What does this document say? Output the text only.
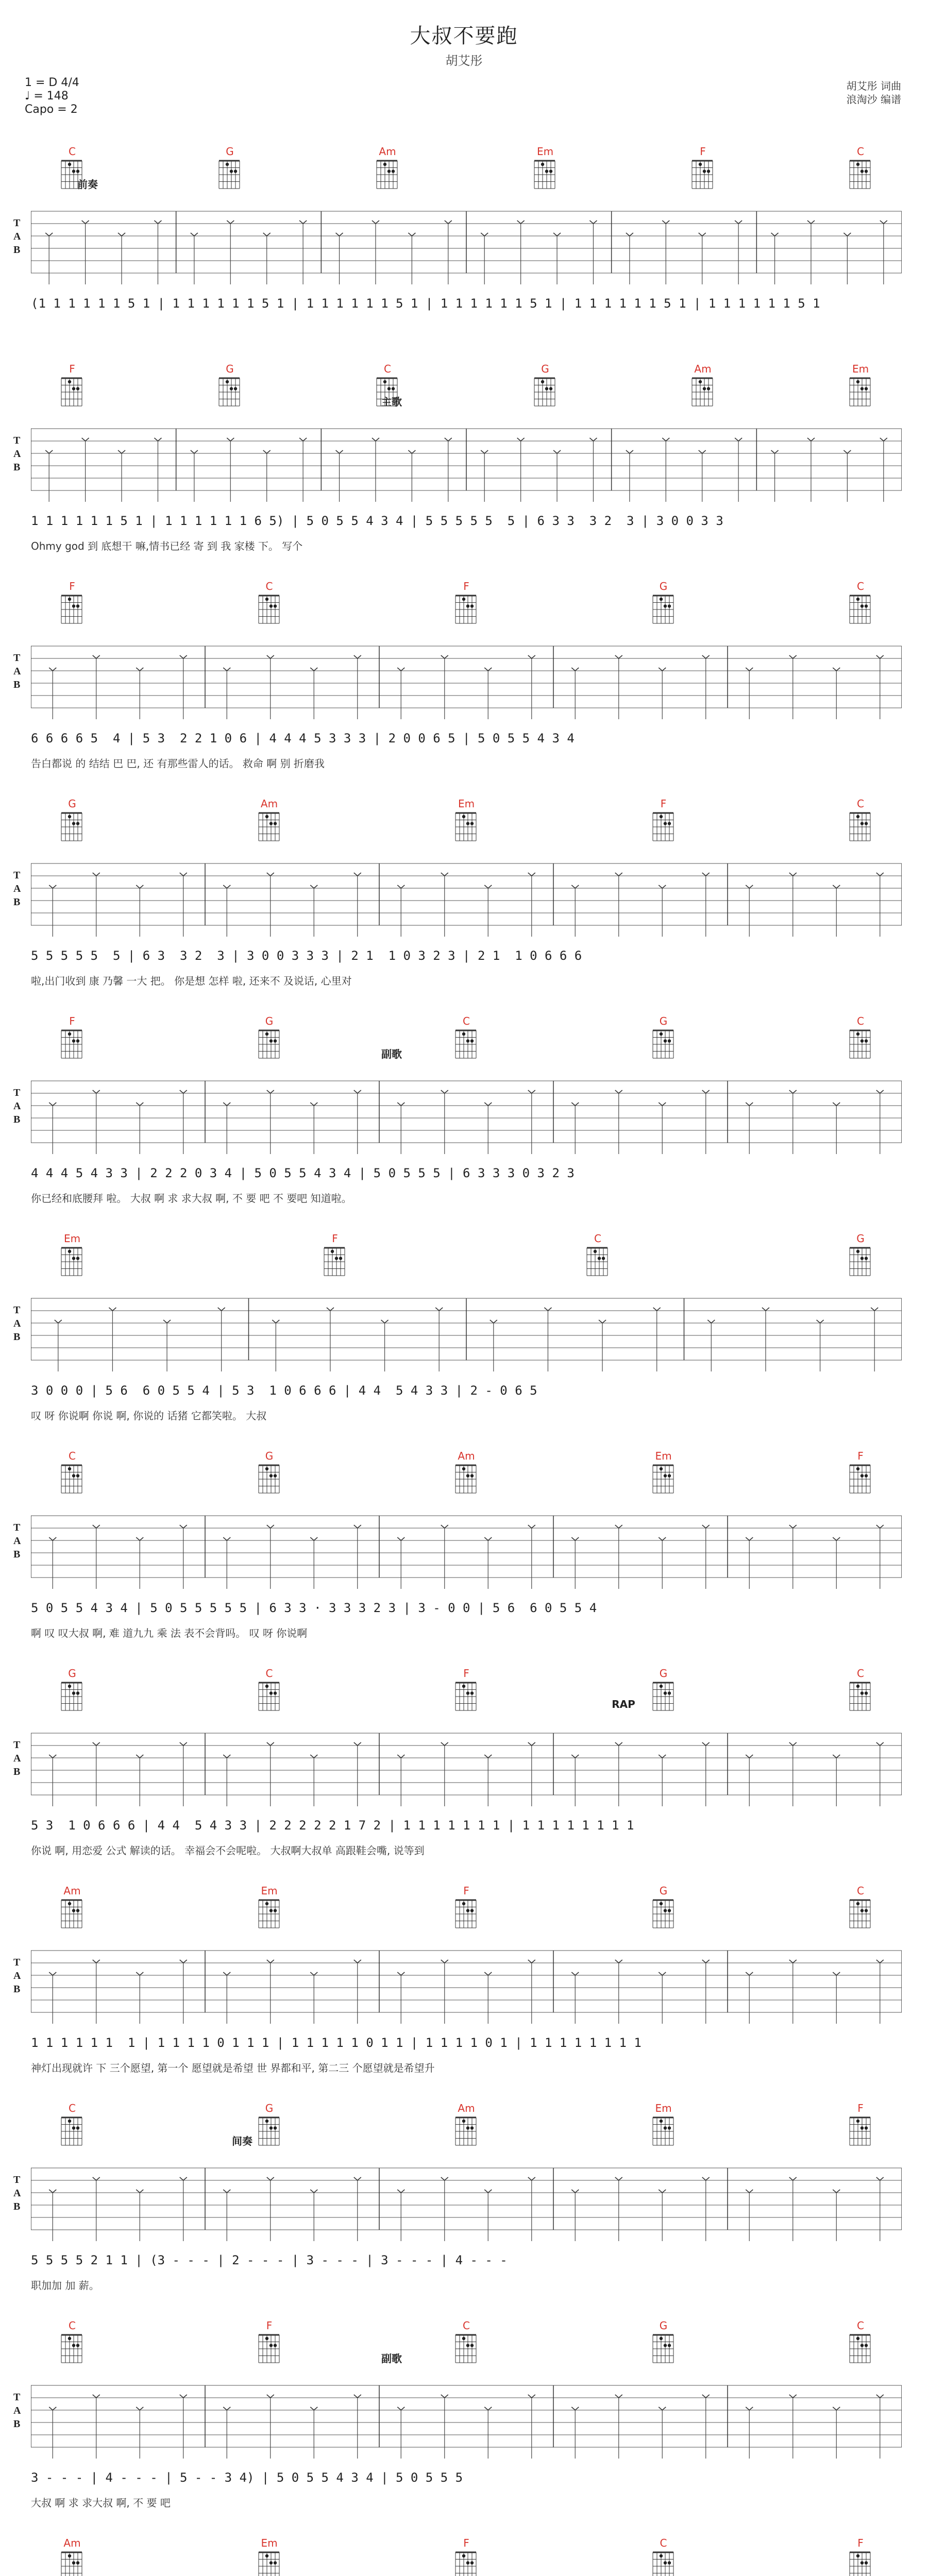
大叔不要跑
胡艾彤
1 = D 4/4
♩ = 148
Capo = 2
胡艾彤 词曲
浪淘沙 编谱
前奏
C	G	Am	Em	F	C
T
A
B
(1 1 1 1 1 1 5 1 | 1 1 1 1 1 1 5 1 | 1 1 1 1 1 1 5 1 | 1 1 1 1 1 1 5 1 | 1 1 1 1 1 1 5 1 | 1 1 1 1 1 1 5 1
主歌
F	G	C	G	Am	Em
T
A
B
1 1 1 1 1 1 5 1 | 1 1 1 1 1 1 6 5) | 5 0 5 5 4 3 4 | 5 5 5 5 5  5 | 6 3 3  3 2  3 | 3 0 0 3 3
Ohmy god 到 底想干 嘛,情书已经 寄 到 我 家楼 下。 写个
F	C	F	G	C
T
A
B
6 6 6 6 5  4 | 5 3  2 2 1 0 6 | 4 4 4 5 3 3 3 | 2 0 0 6 5 | 5 0 5 5 4 3 4
告白都说 的 结结 巴 巴, 还 有那些雷人的话。 救命 啊 别 折磨我
G	Am	Em	F	C
T
A
B
5 5 5 5 5  5 | 6 3  3 2  3 | 3 0 0 3 3 3 | 2 1  1 0 3 2 3 | 2 1  1 0 6 6 6
啦,出门收到 康 乃馨 一大 把。 你是想 怎样 啦, 还来不 及说话, 心里对
副歌
F	G	C	G	C
T
A
B
4 4 4 5 4 3 3 | 2 2 2 0 3 4 | 5 0 5 5 4 3 4 | 5 0 5 5 5 | 6 3 3 3 0 3 2 3
你已经和底腰拜 啦。 大叔 啊 求 求大叔 啊, 不 要 吧 不 要吧 知道啦。
Em	F	C	G
T
A
B
3 0 0 0 | 5 6  6 0 5 5 4 | 5 3  1 0 6 6 6 | 4 4  5 4 3 3 | 2 - 0 6 5
叹 呀 你说啊 你说 啊, 你说的 话猪 它都笑啦。 大叔
C	G	Am	Em	F
T
A
B
5 0 5 5 4 3 4 | 5 0 5 5 5 5 5 | 6 3 3 · 3 3 3 2 3 | 3 - 0 0 | 5 6  6 0 5 5 4
啊 叹 叹大叔 啊, 难 道九九 乘 法 表不会背吗。 叹 呀 你说啊
RAP
G	C	F	G	C
T
A
B
5 3  1 0 6 6 6 | 4 4  5 4 3 3 | 2 2 2 2 2 1 7 2 | 1 1 1 1 1 1 1 | 1 1 1 1 1 1 1 1
你说 啊, 用恋爱 公式 解读的话。 幸福会不会呢啦。 大叔啊大叔单 高跟鞋会嘴, 说等到
Am	Em	F	G	C
T
A
B
1 1 1 1 1 1  1 | 1 1 1 1 0 1 1 1 | 1 1 1 1 1 0 1 1 | 1 1 1 1 0 1 | 1 1 1 1 1 1 1 1
神灯出现就许 下 三个愿望, 第一个 愿望就是希望 世 界都和平, 第二三 个愿望就是希望升
间奏
C	G	Am	Em	F
T
A
B
5 5 5 5 2 1 1 | (3 - - - | 2 - - - | 3 - - - | 3 - - - | 4 - - -
职加加 加 薪。
副歌
C	F	C	G	C
T
A
B
3 - - - | 4 - - - | 5 - - 3 4) | 5 0 5 5 4 3 4 | 5 0 5 5 5
大叔 啊 求 求大叔 啊, 不 要 吧
Am	Em	F	C	F
